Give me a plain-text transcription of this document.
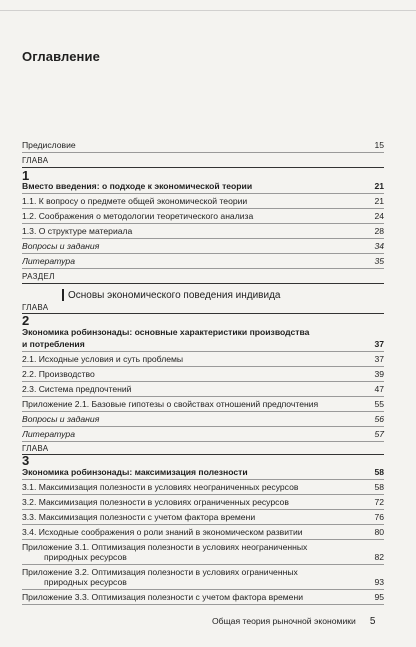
Оглавление
Предисловие	15
ГЛАВА
1
Вместо введения: о подходе к экономической теории	21
1.1. К вопросу о предмете общей экономической теории	21
1.2. Соображения о методологии теоретического анализа	24
1.3. О структуре материала	28
Вопросы и задания	34
Литература	35
РАЗДЕЛ
Основы экономического поведения индивида
ГЛАВА
2
Экономика робинзонады: основные характеристики производства
и потребления	37
2.1. Исходные условия и суть проблемы	37
2.2. Производство	39
2.3. Система предпочтений	47
Приложение 2.1. Базовые гипотезы о свойствах отношений предпочтения	55
Вопросы и задания	56
Литература	57
ГЛАВА
3
Экономика робинзонады: максимизация полезности	58
3.1. Максимизация полезности в условиях неограниченных ресурсов	58
3.2. Максимизация полезности в условиях ограниченных ресурсов	72
3.3. Максимизация полезности с учетом фактора времени	76
3.4. Исходные соображения о роли знаний в экономическом развитии	80
Приложение 3.1. Оптимизация полезности в условиях неограниченных
природных ресурсов	82
Приложение 3.2. Оптимизация полезности в условиях ограниченных
природных ресурсов	93
Приложение 3.3. Оптимизация полезности с учетом фактора времени	95
Общая теория рыночной экономики 5
